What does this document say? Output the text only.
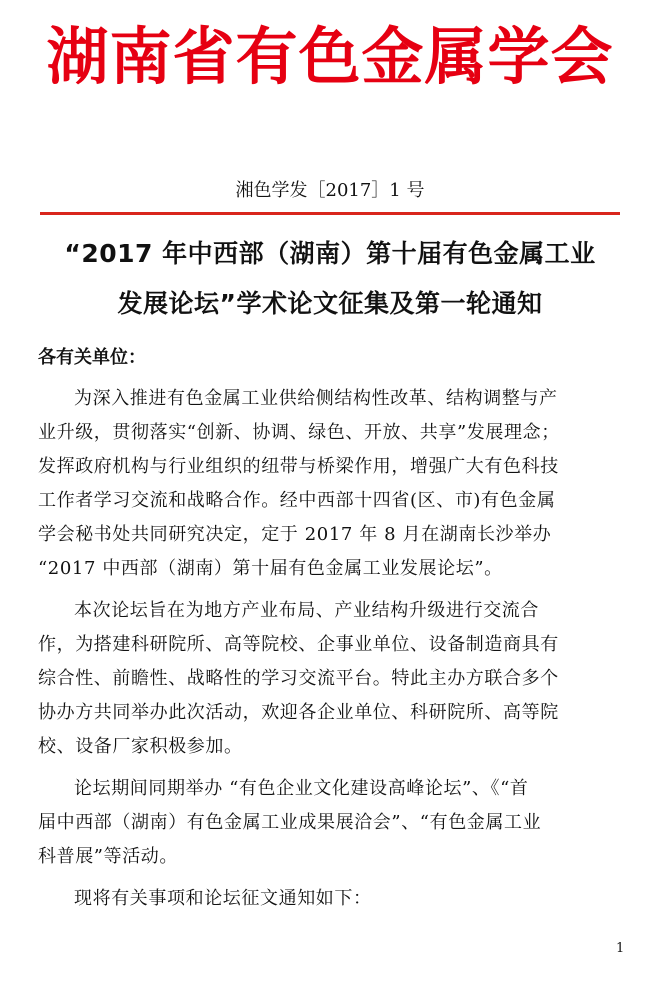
湖南省有色金属学会
湘色学发［2017］1 号
“2017 年中西部（湖南）第十届有色金属工业
发展论坛”学术论文征集及第一轮通知
各有关单位：
为深入推进有色金属工业供给侧结构性改革、结构调整与产
业升级，贯彻落实“创新、协调、绿色、开放、共享”发展理念；
发挥政府机构与行业组织的纽带与桥梁作用，增强广大有色科技
工作者学习交流和战略合作。经中西部十四省(区、市)有色金属
学会秘书处共同研究决定，定于 2017 年 8 月在湖南长沙举办
“2017 中西部（湖南）第十届有色金属工业发展论坛”。
本次论坛旨在为地方产业布局、产业结构升级进行交流合
作，为搭建科研院所、高等院校、企事业单位、设备制造商具有
综合性、前瞻性、战略性的学习交流平台。特此主办方联合多个
协办方共同举办此次活动，欢迎各企业单位、科研院所、高等院
校、设备厂家积极参加。
论坛期间同期举办 “有色企业文化建设高峰论坛”、《“首
届中西部（湖南）有色金属工业成果展洽会”、“有色金属工业
科普展”等活动。
现将有关事项和论坛征文通知如下：
1
